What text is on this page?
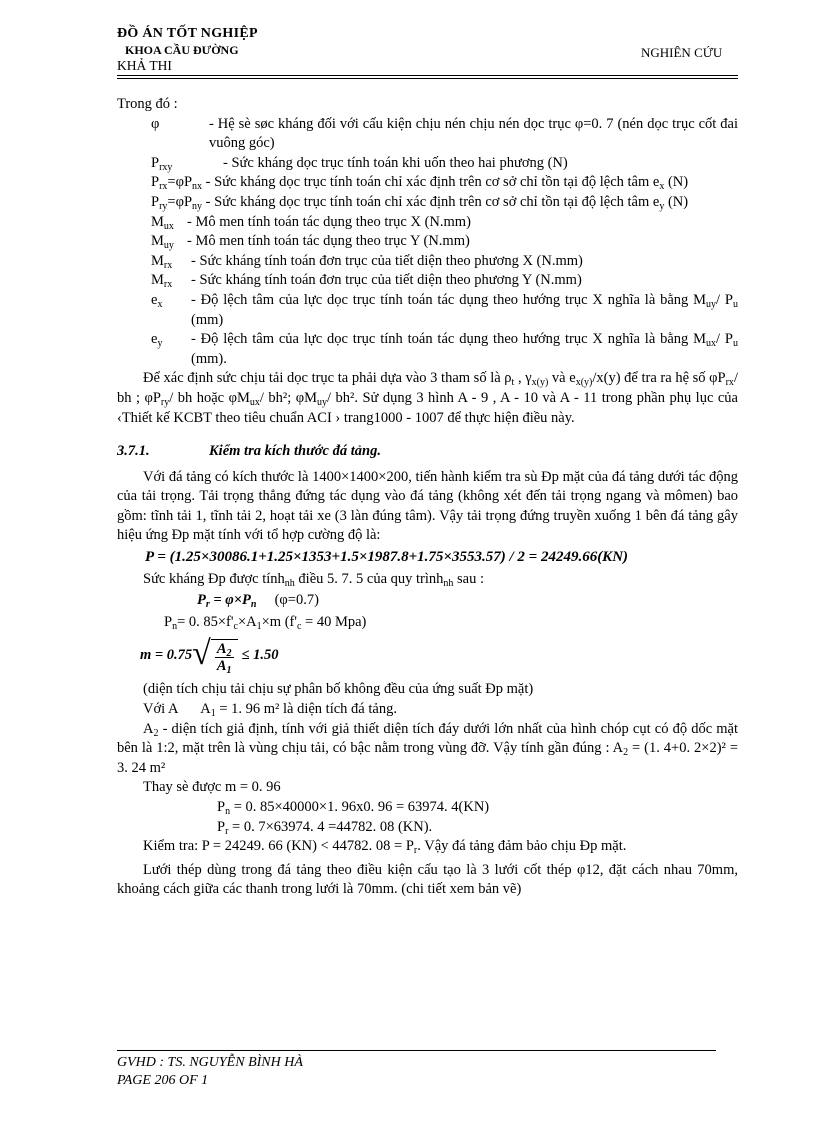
ĐỒ ÁN TỐT NGHIỆP
KHOA CẦU ĐƯỜNG
KHẢ THI
NGHIÊN CỨU

Trong đó :

φ	- Hệ sè søc kháng đối với cấu kiện chịu nén chịu nén dọc trục φ=0. 7 (nén dọc trục cốt đai vuông góc)
$P_{rxy}$	- Sức kháng dọc trục tính toán khi uốn theo hai phương (N)
$P_{rx}=\varphi P_{nx}$ - Sức kháng dọc trục tính toán chỉ xác định trên cơ sở chỉ tồn tại độ lệch tâm $e_x$ (N)
$P_{ry}=\varphi P_{ny}$ - Sức kháng dọc trục tính toán chỉ xác định trên cơ sở chỉ tồn tại độ lệch tâm $e_y$ (N)
$M_{ux}$ - Mô men tính toán tác dụng theo trục X (N.mm)
$M_{uy}$ - Mô men tính toán tác dụng theo trục Y (N.mm)
$M_{rx}$	- Sức kháng tính toán đơn trục của tiết diện theo phương X (N.mm)
$M_{rx}$	- Sức kháng tính toán đơn trục của tiết diện theo phương Y (N.mm)
$e_x$	- Độ lệch tâm của lực dọc trục tính toán tác dụng theo hướng trục X nghĩa là bằng $M_{uy}/$ $P_u$ (mm)
$e_y$	- Độ lệch tâm của lực dọc trục tính toán tác dụng theo hướng trục X nghĩa là bằng $M_{ux}/$ $P_u$ (mm).

Để xác định sức chịu tải dọc trục ta phải dựa vào 3 tham số là $\rho_t$ , $\gamma_{x(y)}$ và $e_{x(y)}/x(y)$ để tra ra hệ số $\varphi P_{rx}/$ bh ; $\varphi P_{ry}/$ bh hoặc $\varphi M_{ux}/$ bh²; $\varphi M_{uy}/$ bh². Sử dụng 3 hình A - 9 , A - 10 và A - 11 trong phần phụ lục của ‹Thiết kế KCBT theo tiêu chuẩn ACI › trang1000 - 1007 để thực hiện điều này.

3.7.1.	Kiểm tra kích thước đá tảng.

Với đá tảng có kích thước là 1400×1400×200, tiến hành kiểm tra sù Đp mặt của đá tảng dưới tác động của tải trọng. Tải trọng thẳng đứng tác dụng vào đá tảng (không xét đến tải trọng ngang và mômen) bao gồm: tĩnh tải 1, tĩnh tải 2, hoạt tải xe (3 làn đúng tâm). Vậy tải trọng đứng truyền xuống 1 bên đá tảng gây hiệu ứng Đp mặt tính với tổ hợp cường độ là:

P = (1.25×30086.1+1.25×1353+1.5×1987.8+1.75×3553.57) / 2 = 24249.66(KN)

Sức kháng Đp được tính$_{nh}$ điều 5. 7. 5 của quy trình$_{nh}$ sau :

$P_r = \varphi\times P_n$ (φ=0.7)
$P_n= 0$. $85\times f'_c\times A_1\times m$ ($f'_c = 40$ Mpa)
m = 0.75 √ $\frac{A_2}{A_1} \le 1.50$

(diện tích chịu tải chịu sự phân bố không đều của ứng suất Đp mặt)

Với A $A_1 = 1$. 96 m² là diện tích đá tảng.

$A_2$ - diện tích giả định, tính với giả thiết diện tích đáy dưới lớn nhất của hình chóp cụt có độ dốc mặt bên là 1:2, mặt trên là vùng chịu tải, có bậc nằm trong vùng đỡ. Vậy tính gần đúng : $A_2 = (1$. 4+0. 2×2)² = 3. 24 m²

Thay sè được m = 0. 96

$P_n = 0$. 85×40000×1. 96x0. 96 = 63974. 4(KN)
$P_r = 0$. 7×63974. 4 =44782. 08 (KN).

Kiểm tra: P = 24249. 66 (KN) < 44782. $08 = P_r$. Vậy đá tảng đảm bảo chịu Đp mặt.

Lưới thép dùng trong đá tảng theo điều kiện cấu tạo là 3 lưới cốt thép φ12, đặt cách nhau 70mm, khoảng cách giữa các thanh trong lưới là 70mm. (chi tiết xem bản vẽ)

GVHD : TS. NGUYỄN BÌNH HÀ
PAGE 206 OF 1
